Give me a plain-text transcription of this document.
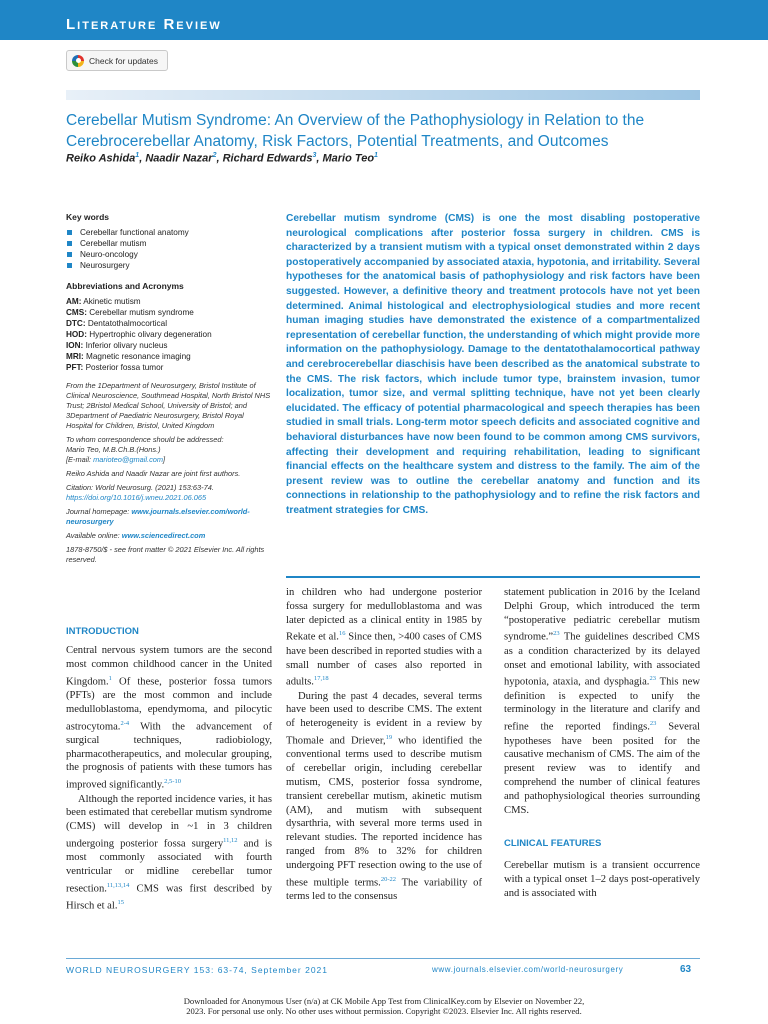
Literature Review
Check for updates
Cerebellar Mutism Syndrome: An Overview of the Pathophysiology in Relation to the Cerebrocerebellar Anatomy, Risk Factors, Potential Treatments, and Outcomes
Reiko Ashida$^1$, Naadir Nazar$^2$, Richard Edwards$^3$, Mario Teo$^1$
Key words
Cerebellar functional anatomy
Cerebellar mutism
Neuro-oncology
Neurosurgery
Abbreviations and Acronyms
AM: Akinetic mutism
CMS: Cerebellar mutism syndrome
DTC: Dentatothalmocortical
HOD: Hypertrophic olivary degeneration
ION: Inferior olivary nucleus
MRI: Magnetic resonance imaging
PFT: Posterior fossa tumor
From the 1Department of Neurosurgery, Bristol Institute of Clinical Neuroscience, Southmead Hospital, North Bristol NHS Trust; 2Bristol Medical School, University of Bristol; and 3Department of Paediatric Neurosurgery, Bristol Royal Hospital for Children, Bristol, United Kingdom
To whom correspondence should be addressed:
Mario Teo, M.B.Ch.B.(Hons.)
[E-mail: marioteo@gmail.com]
Reiko Ashida and Naadir Nazar are joint first authors.
Citation: World Neurosurg. (2021) 153:63-74.
https://doi.org/10.1016/j.wneu.2021.06.065
Journal homepage: www.journals.elsevier.com/world-neurosurgery
Available online: www.sciencedirect.com
1878-8750/$ - see front matter © 2021 Elsevier Inc. All rights reserved.
Cerebellar mutism syndrome (CMS) is one the most disabling postoperative neurological complications after posterior fossa surgery in children. CMS is characterized by a transient mutism with a typical onset demonstrated within 2 days postoperatively accompanied by associated ataxia, hypotonia, and irritability. Several hypotheses for the anatomical basis of pathophysiology and risk factors have been suggested. However, a definitive theory and treatment protocols have not yet been determined. Animal histological and electrophysiological studies and more recent human imaging studies have demonstrated the existence of a compartmentalized representation of cerebellar function, the understanding of which might provide more information on the pathophysiology. Damage to the dentatothalamocortical pathway and cerebrocerebellar diaschisis have been described as the anatomical substrate to the CMS. The risk factors, which include tumor type, brainstem invasion, tumor localization, tumor size, and vermal splitting technique, have not yet been clearly elucidated. The efficacy of potential pharmacological and speech therapies has been studied in small trials. Long-term motor speech deficits and associated cognitive and behavioral disturbances have now been found to be common among CMS survivors, affecting their development and requiring rehabilitation, leading to significant financial effects on the healthcare system and distress to the family. The aim of the present review was to outline the cerebellar anatomy and function and its connections in relationship to the pathophysiology and to refine the risk factors and treatment strategies for CMS.
INTRODUCTION

Central nervous system tumors are the second most common childhood cancer in the United Kingdom.$^1$ Of these, posterior fossa tumors (PFTs) are the most common and include medulloblastoma, ependymoma, and pilocytic astrocytoma.$^{2-4}$ With the advancement of surgical techniques, radiobiology, pharmacotherapeutics, and molecular grouping, the prognosis of patients with these tumors has improved significantly.$^{2,5-10}$

Although the reported incidence varies, it has been estimated that cerebellar mutism syndrome (CMS) will develop in ~1 in 3 children undergoing posterior fossa surgery$^{11,12}$ and is most commonly associated with fourth ventricular or midline cerebellar tumor resection.$^{11,13,14}$ CMS was first described by Hirsch et al.$^{15}$

in children who had undergone posterior fossa surgery for medulloblastoma and was later depicted as a clinical entity in 1985 by Rekate et al.$^{16}$ Since then, >400 cases of CMS have been described in reported studies with a small number of cases also reported in adults.$^{17,18}$

During the past 4 decades, several terms have been used to describe CMS. The extent of heterogeneity is evident in a review by Thomale and Driever,$^{19}$ who identified the conventional terms used to describe mutism of cerebellar origin, including cerebellar mutism, CMS, posterior fossa syndrome, transient cerebellar mutism, akinetic mutism (AM), and mutism with subsequent dysarthria, with several more terms used in relevant studies. The reported incidence has ranged from 8% to 32% for children undergoing PFT resection owing to the use of these multiple terms.$^{20-22}$ The variability of terms led to the consensus

statement publication in 2016 by the Iceland Delphi Group, which introduced the term “postoperative pediatric cerebellar mutism syndrome.”$^{23}$ The guidelines described CMS as a condition characterized by its delayed onset and emotional lability, with associated hypotonia, ataxia, and dysphagia.$^{23}$ This new definition is expected to unify the terminology in the literature and clarify and refine the reported findings.$^{23}$ Several hypotheses have been posited for the causative mechanism of CMS. The aim of the present review was to identify and comprehend the number of clinical features and pathophysiological theories surrounding CMS.

CLINICAL FEATURES

Cerebellar mutism is a transient occurrence with a typical onset 1–2 days post-operatively and is associated with

WORLD NEUROSURGERY 153: 63-74, September 2021	www.journals.elsevier.com/world-neurosurgery	63
Downloaded for Anonymous User (n/a) at CK Mobile App Test from ClinicalKey.com by Elsevier on November 22,
2023. For personal use only. No other uses without permission. Copyright ©2023. Elsevier Inc. All rights reserved.
